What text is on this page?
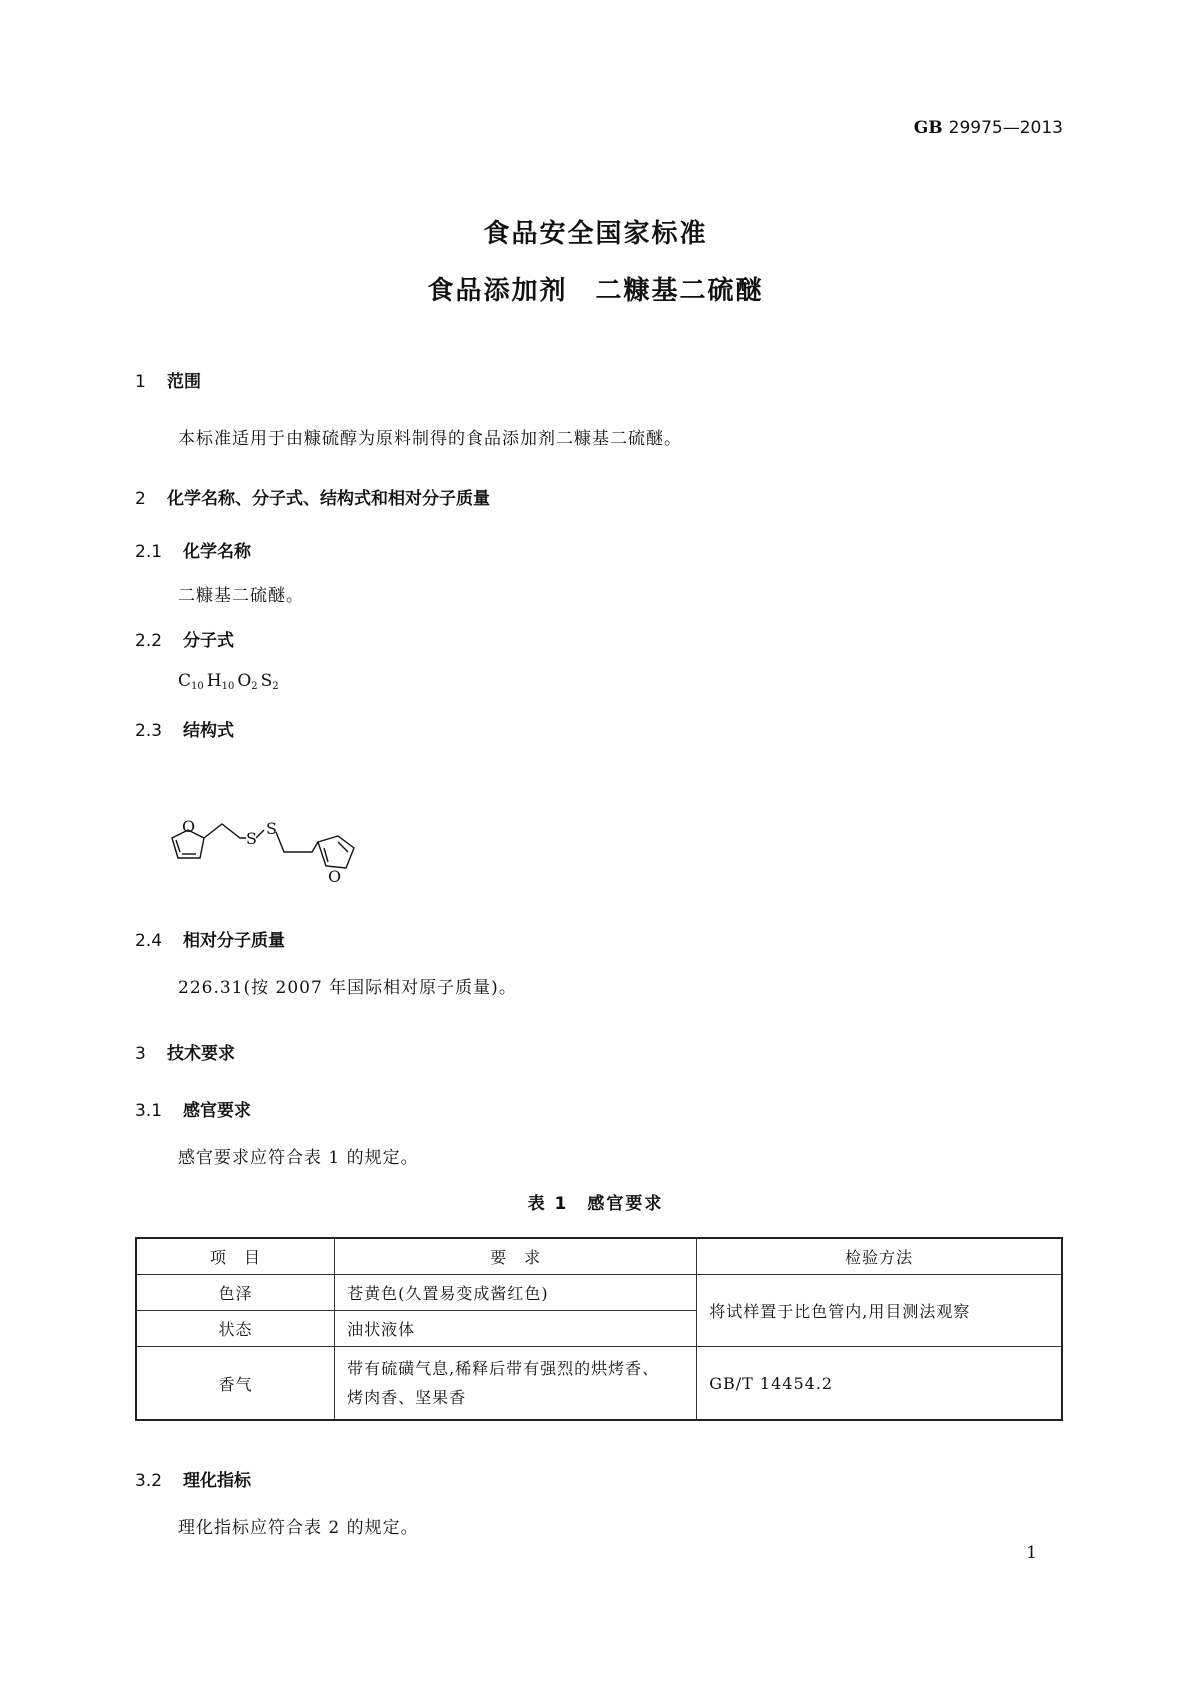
GB 29975—2013
食品安全国家标准
食品添加剂　二糠基二硫醚
1 范围
本标准适用于由糠硫醇为原料制得的食品添加剂二糠基二硫醚。
2 化学名称、分子式、结构式和相对分子质量
2.1 化学名称
二糠基二硫醚。
2.2 分子式
$C_{10}$ $H_{10}$ $O_2$ $S_2$
2.3 结构式
O
S
S
O
2.4 相对分子质量
226.31(按 2007 年国际相对原子质量)。
3 技术要求
3.1 感官要求
感官要求应符合表 1 的规定。
表 1　感官要求
项　目	要　求	检验方法
色泽	苍黄色(久置易变成酱红色)	将试样置于比色管内,用目测法观察
状态	油状液体	
香气	带有硫磺气息,稀释后带有强烈的烘烤香、
烤肉香、坚果香	GB/T 14454.2
3.2 理化指标
理化指标应符合表 2 的规定。
1
